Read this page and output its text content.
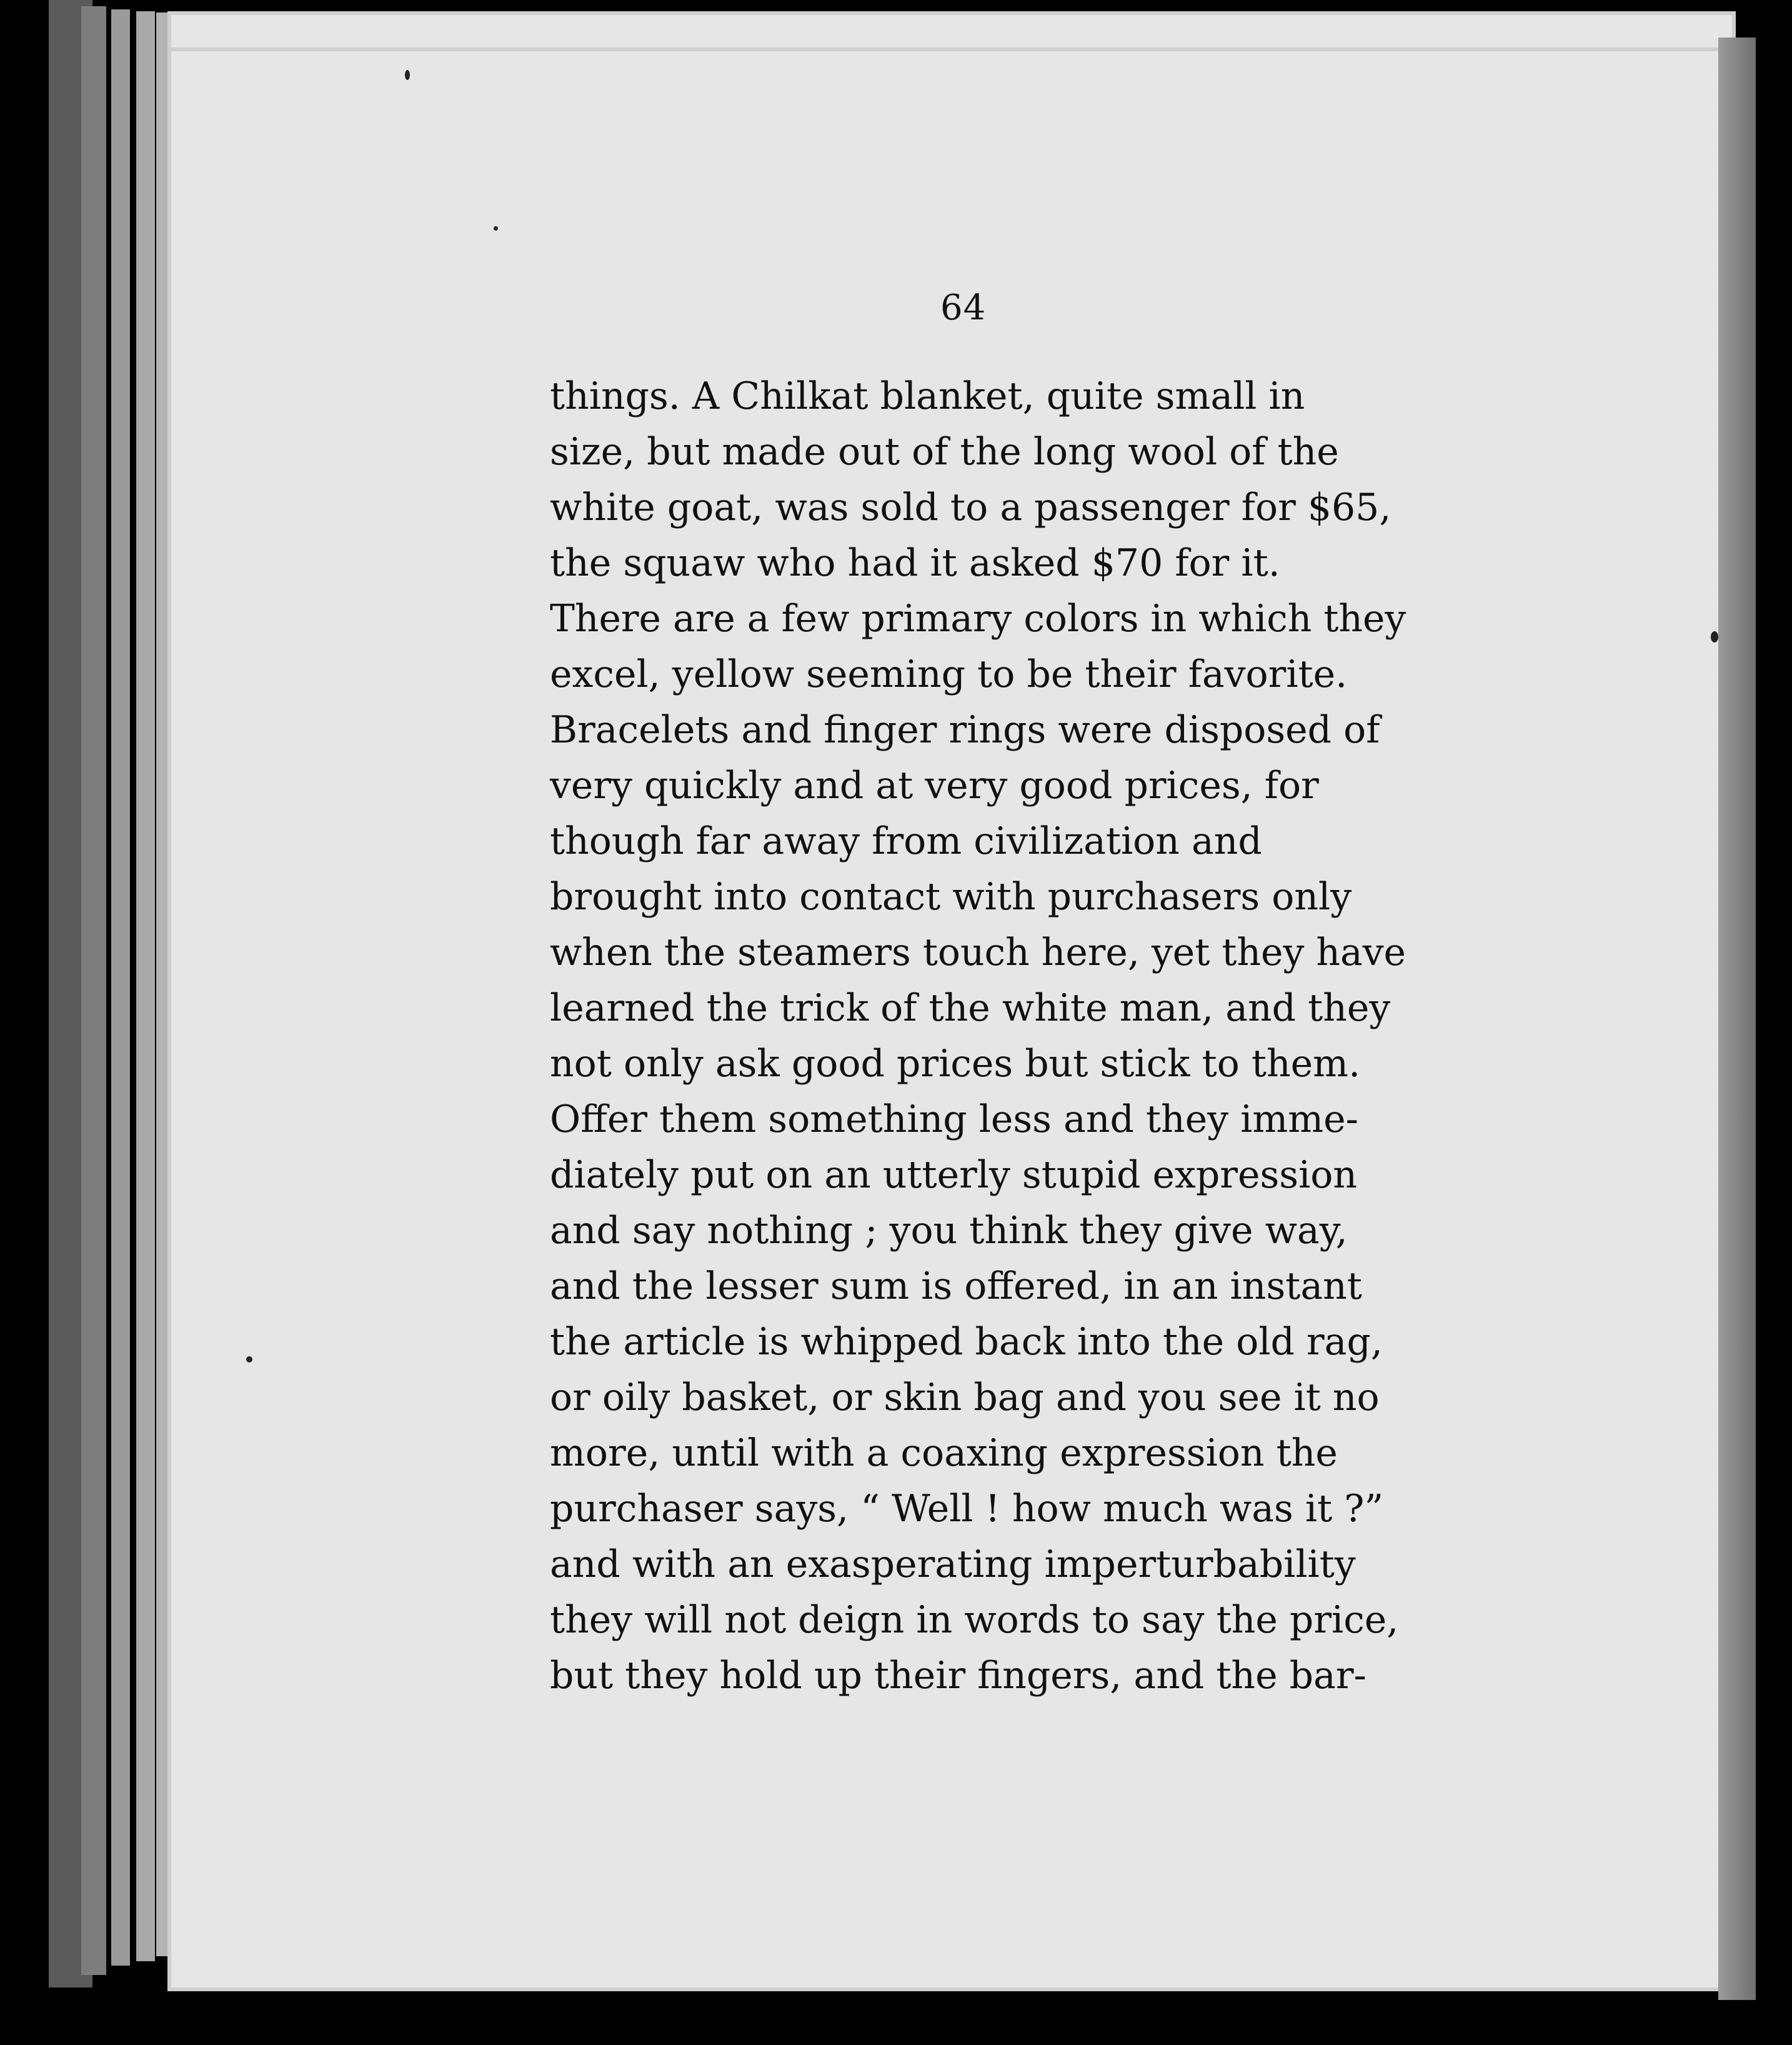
64
things. A Chilkat blanket, quite small in
size, but made out of the long wool of the
white goat, was sold to a passenger for $65,
the squaw who had it asked $70 for it.
There are a few primary colors in which they
excel, yellow seeming to be their favorite.
Bracelets and finger rings were disposed of
very quickly and at very good prices, for
though far away from civilization and
brought into contact with purchasers only
when the steamers touch here, yet they have
learned the trick of the white man, and they
not only ask good prices but stick to them.
Offer them something less and they imme-
diately put on an utterly stupid expression
and say nothing ; you think they give way,
and the lesser sum is offered, in an instant
the article is whipped back into the old rag,
or oily basket, or skin bag and you see it no
more, until with a coaxing expression the
purchaser says, “ Well ! how much was it ?”
and with an exasperating imperturbability
they will not deign in words to say the price,
but they hold up their fingers, and the bar-
